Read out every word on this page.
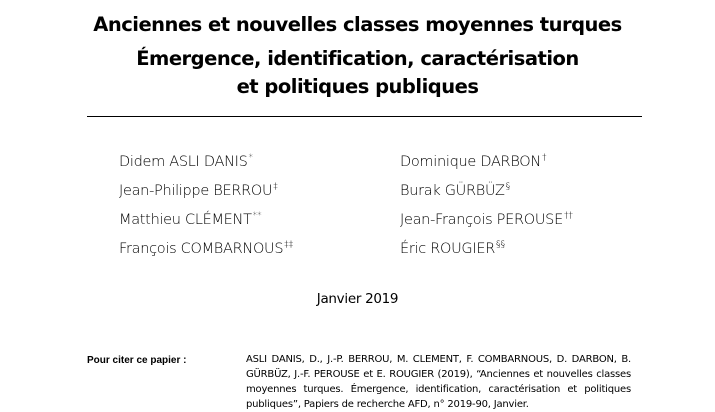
Anciennes et nouvelles classes moyennes turques
Émergence, identification, caractérisation
et politiques publiques
Didem ASLI DANIS*
Jean-Philippe BERROU‡
Matthieu CLÉMENT**
François COMBARNOUS‡‡
Dominique DARBON†
Burak GÜRBÜZ§
Jean-François PEROUSE††
Éric ROUGIER§§
Janvier 2019
Pour citer ce papier :	ASLI DANIS, D., J.-P. BERROU, M. CLEMENT, F. COMBARNOUS, D. DARBON, B. GÜRBÜZ, J.-F. PEROUSE et E. ROUGIER (2019), “Anciennes et nouvelles classes moyennes turques. Émergence, identification, caractérisation et politiques publiques”, Papiers de recherche AFD, n° 2019-90, Janvier.
